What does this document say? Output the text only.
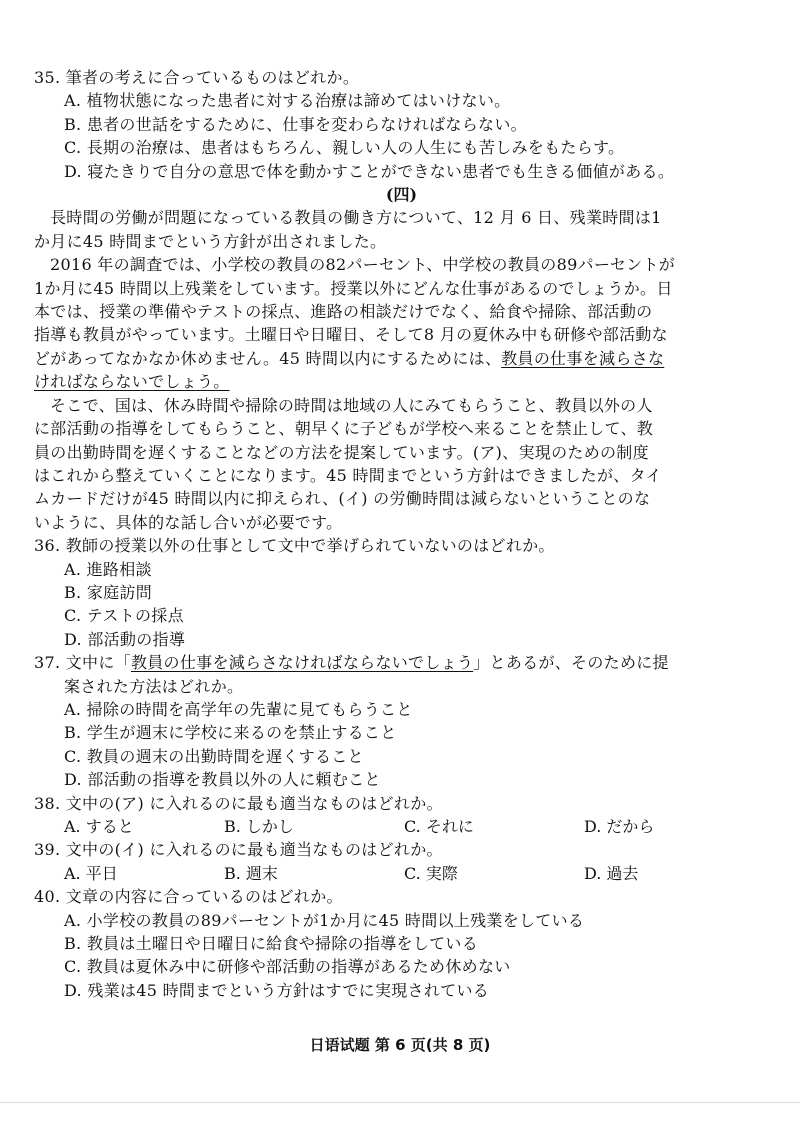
35. 筆者の考えに合っているものはどれか。
A. 植物状態になった患者に対する治療は諦めてはいけない。
B. 患者の世話をするために、仕事を変わらなければならない。
C. 長期の治療は、患者はもちろん、親しい人の人生にも苦しみをもたらす。
D. 寝たきりで自分の意思で体を動かすことができない患者でも生きる価値がある。
(四)
長時間の労働が問題になっている教員の働き方について、12 月 6 日、残業時間は1
か月に45 時間までという方針が出されました。
2016 年の調査では、小学校の教員の82パーセント、中学校の教員の89パーセントが
1か月に45 時間以上残業をしています。授業以外にどんな仕事があるのでしょうか。日
本では、授業の準備やテストの採点、進路の相談だけでなく、給食や掃除、部活動の
指導も教員がやっています。土曜日や日曜日、そして8 月の夏休み中も研修や部活動な
どがあってなかなか休めません。45 時間以内にするためには、教員の仕事を減らさな
ければならないでしょう。
そこで、国は、休み時間や掃除の時間は地域の人にみてもらうこと、教員以外の人
に部活動の指導をしてもらうこと、朝早くに子どもが学校へ来ることを禁止して、教
員の出勤時間を遅くすることなどの方法を提案しています。(ア)、実現のための制度
はこれから整えていくことになります。45 時間までという方針はできましたが、タイ
ムカードだけが45 時間以内に抑えられ、(イ) の労働時間は減らないということのな
いように、具体的な話し合いが必要です。
36. 教師の授業以外の仕事として文中で挙げられていないのはどれか。
A. 進路相談
B. 家庭訪問
C. テストの採点
D. 部活動の指導
37. 文中に「教員の仕事を減らさなければならないでしょう」とあるが、そのために提
案された方法はどれか。
A. 掃除の時間を高学年の先輩に見てもらうこと
B. 学生が週末に学校に来るのを禁止すること
C. 教員の週末の出勤時間を遅くすること
D. 部活動の指導を教員以外の人に頼むこと
38. 文中の(ア) に入れるのに最も適当なものはどれか。
A. すると	B. しかし	C. それに	D. だから
39. 文中の(イ) に入れるのに最も適当なものはどれか。
A. 平日	B. 週末	C. 実際	D. 過去
40. 文章の内容に合っているのはどれか。
A. 小学校の教員の89パーセントが1か月に45 時間以上残業をしている
B. 教員は土曜日や日曜日に給食や掃除の指導をしている
C. 教員は夏休み中に研修や部活動の指導があるため休めない
D. 残業は45 時間までという方針はすでに実現されている
日语试题 第 6 页(共 8 页)
